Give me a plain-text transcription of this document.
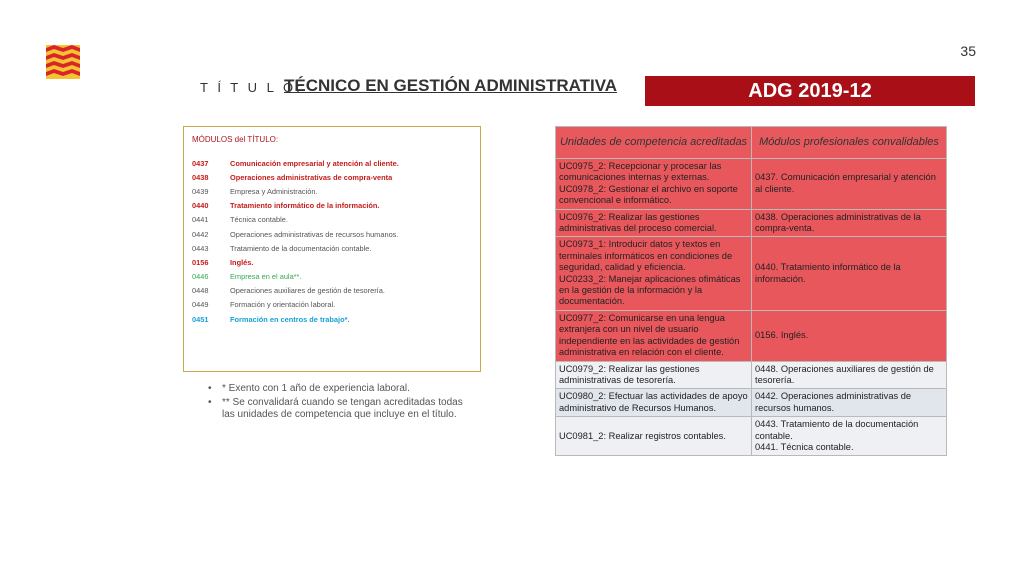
35
T Í T U L O:
TÉCNICO EN GESTIÓN ADMINISTRATIVA	ADG 2019-12
MÓDULOS del TÍTULO:
0437	Comunicación empresarial y atención al cliente.
0438	Operaciones administrativas de compra-venta
0439	Empresa y Administración.
0440	Tratamiento informático de la información.
0441	Técnica contable.
0442	Operaciones administrativas de recursos humanos.
0443	Tratamiento de la documentación contable.
0156	Inglés.
0446	Empresa en el aula**.
0448	Operaciones auxiliares de gestión de tesorería.
0449	Formación y orientación laboral.
0451	Formación en centros de trabajo*.
•	* Exento con 1 año de experiencia laboral.
•	** Se convalidará cuando se tengan acreditadas todas las unidades de competencia que incluye en el título.
Unidades de competencia acreditadas	Módulos profesionales convalidables
UC0975_2: Recepcionar y procesar las comunicaciones internas y externas.
UC0978_2: Gestionar el archivo en soporte convencional e informático.	0437. Comunicación empresarial y atención al cliente.
UC0976_2: Realizar las gestiones administrativas del proceso comercial.	0438. Operaciones administrativas de la compra-venta.
UC0973_1: Introducir datos y textos en terminales informáticos en condiciones de seguridad, calidad y eficiencia.
UC0233_2: Manejar aplicaciones ofimáticas en la gestión de la información y la documentación.	0440. Tratamiento informático de la información.
UC0977_2: Comunicarse en una lengua extranjera con un nivel de usuario independiente en las actividades de gestión administrativa en relación con el cliente.	0156. Inglés.
UC0979_2: Realizar las gestiones administrativas de tesorería.	0448. Operaciones auxiliares de gestión de tesorería.
UC0980_2: Efectuar las actividades de apoyo administrativo de Recursos Humanos.	0442. Operaciones administrativas de recursos humanos.
UC0981_2: Realizar registros contables.	0443. Tratamiento de la documentación contable.
0441. Técnica contable.
